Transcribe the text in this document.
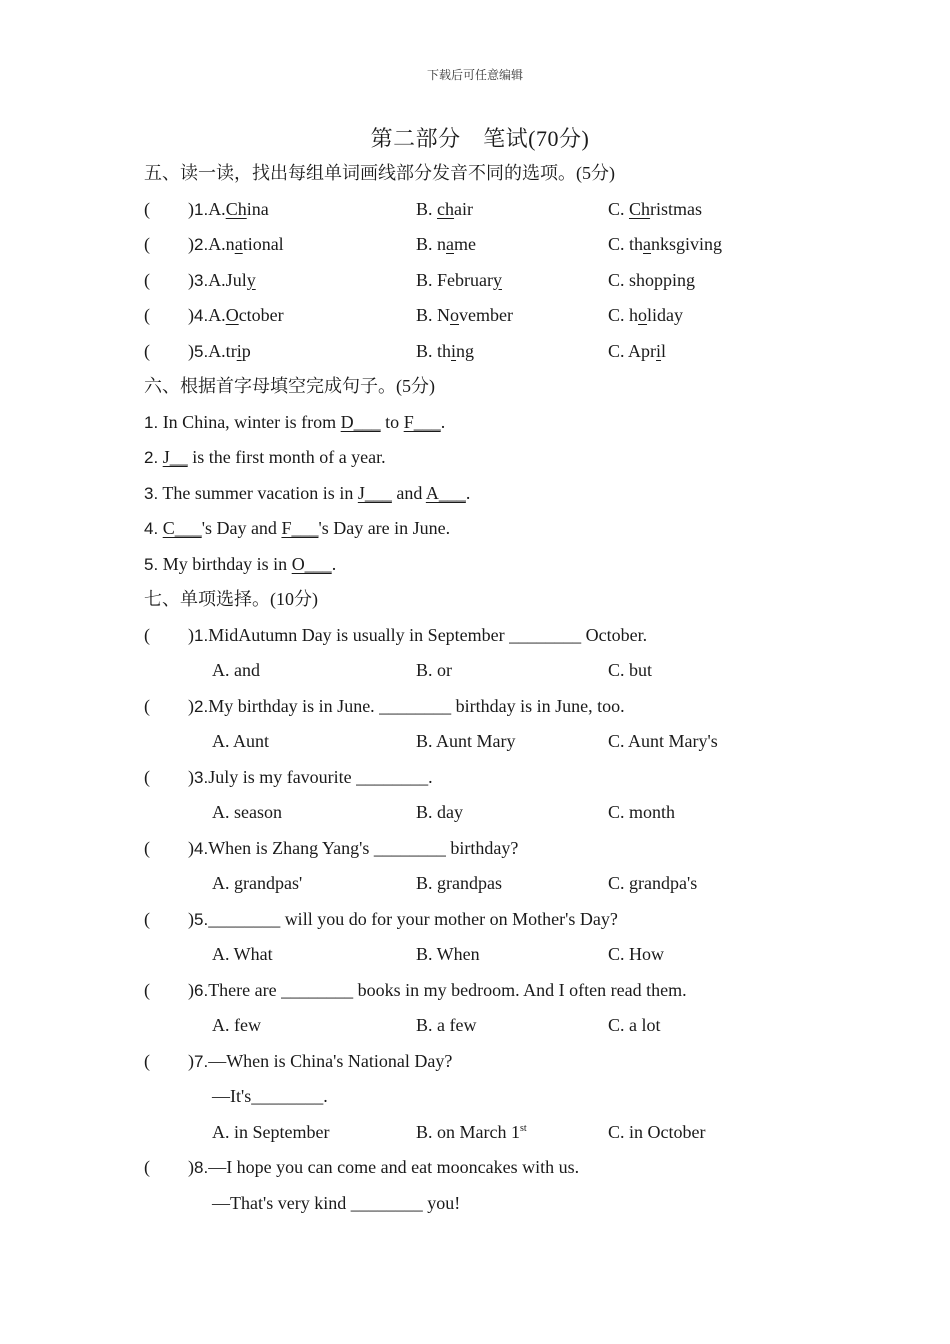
下载后可任意编辑
第二部分　笔试(70分)
五、读一读，找出每组单词画线部分发音不同的选项。(5分)
( )1.A.China	B. chair	C. Christmas
( )2.A.national	B. name	C. thanksgiving
( )3.A.July	B. February	C. shopping
( )4.A.October	B. November	C. holiday
( )5.A.trip	B. thing	C. April
六、根据首字母填空完成句子。(5分)
1. In China, winter is from D___ to F___.
2. J__ is the first month of a year.
3. The summer vacation is in J___ and A___.
4. C___'s Day and F___'s Day are in June.
5. My birthday is in O___.
七、单项选择。(10分)
( )1.MidAutumn Day is usually in September ________ October.
A. and	B. or	C. but
( )2.My birthday is in June. ________ birthday is in June, too.
A. Aunt	B. Aunt Mary	C. Aunt Mary's
( )3.July is my favourite ________.
A. season	B. day	C. month
( )4.When is Zhang Yang's ________ birthday?
A. grandpas'	B. grandpas	C. grandpa's
( )5.________ will you do for your mother on Mother's Day?
A. What	B. When	C. How
( )6.There are ________ books in my bedroom. And I often read them.
A. few	B. a few	C. a lot
( )7.—When is China's National Day?
—It's________.
A. in September	B. on March 1st	C. in October
( )8.—I hope you can come and eat mooncakes with us.
—That's very kind ________ you!
